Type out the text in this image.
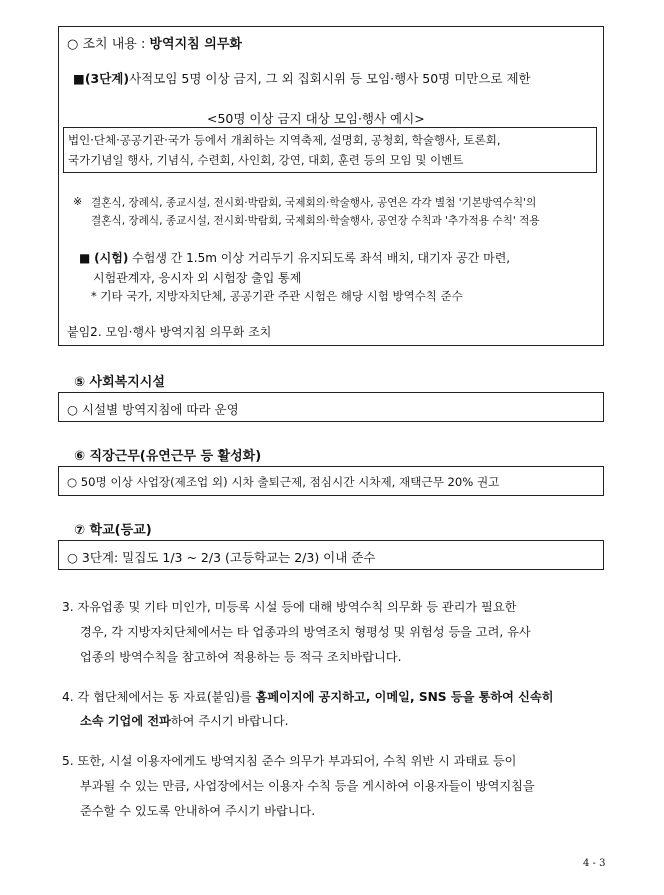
○ 조치 내용 : 방역지침 의무화
■(3단계)사적모임 5명 이상 금지, 그 외 집회시위 등 모임·행사 50명 미만으로 제한
<50명 이상 금지 대상 모임·행사 예시>
법인·단체·공공기관·국가 등에서 개최하는 지역축제, 설명회, 공청회, 학술행사, 토론회,
국가기념일 행사, 기념식, 수련회, 사인회, 강연, 대회, 훈련 등의 모임 및 이벤트
※ 결혼식, 장례식, 종교시설, 전시회·박람회, 국제회의·학술행사, 공연은 각각 별첨 '기본방역수칙'의
결혼식, 장례식, 종교시설, 전시회·박람회, 국제회의·학술행사, 공연장 수칙과 '추가적용 수칙' 적용
■ (시험) 수험생 간 1.5m 이상 거리두기 유지되도록 좌석 배치, 대기자 공간 마련,
시험관계자, 응시자 외 시험장 출입 통제
* 기타 국가, 지방자치단체, 공공기관 주관 시험은 해당 시험 방역수칙 준수
붙임2. 모임·행사 방역지침 의무화 조치
⑤ 사회복지시설
○ 시설별 방역지침에 따라 운영
⑥ 직장근무(유연근무 등 활성화)
○ 50명 이상 사업장(제조업 외) 시차 출퇴근제, 점심시간 시차제, 재택근무 20% 권고
⑦ 학교(등교)
○ 3단계: 밀집도 1/3 ~ 2/3 (고등학교는 2/3) 이내 준수
3. 자유업종 및 기타 미인가, 미등록 시설 등에 대해 방역수칙 의무화 등 관리가 필요한
경우, 각 지방자치단체에서는 타 업종과의 방역조치 형평성 및 위험성 등을 고려, 유사
업종의 방역수칙을 참고하여 적용하는 등 적극 조치바랍니다.
4. 각 협단체에서는 동 자료(붙임)를 홈페이지에 공지하고, 이메일, SNS 등을 통하여 신속히
소속 기업에 전파하여 주시기 바랍니다.
5. 또한, 시설 이용자에게도 방역지침 준수 의무가 부과되어, 수칙 위반 시 과태료 등이
부과될 수 있는 만큼, 사업장에서는 이용자 수칙 등을 게시하여 이용자들이 방역지침을
준수할 수 있도록 안내하여 주시기 바랍니다.
4 - 3
